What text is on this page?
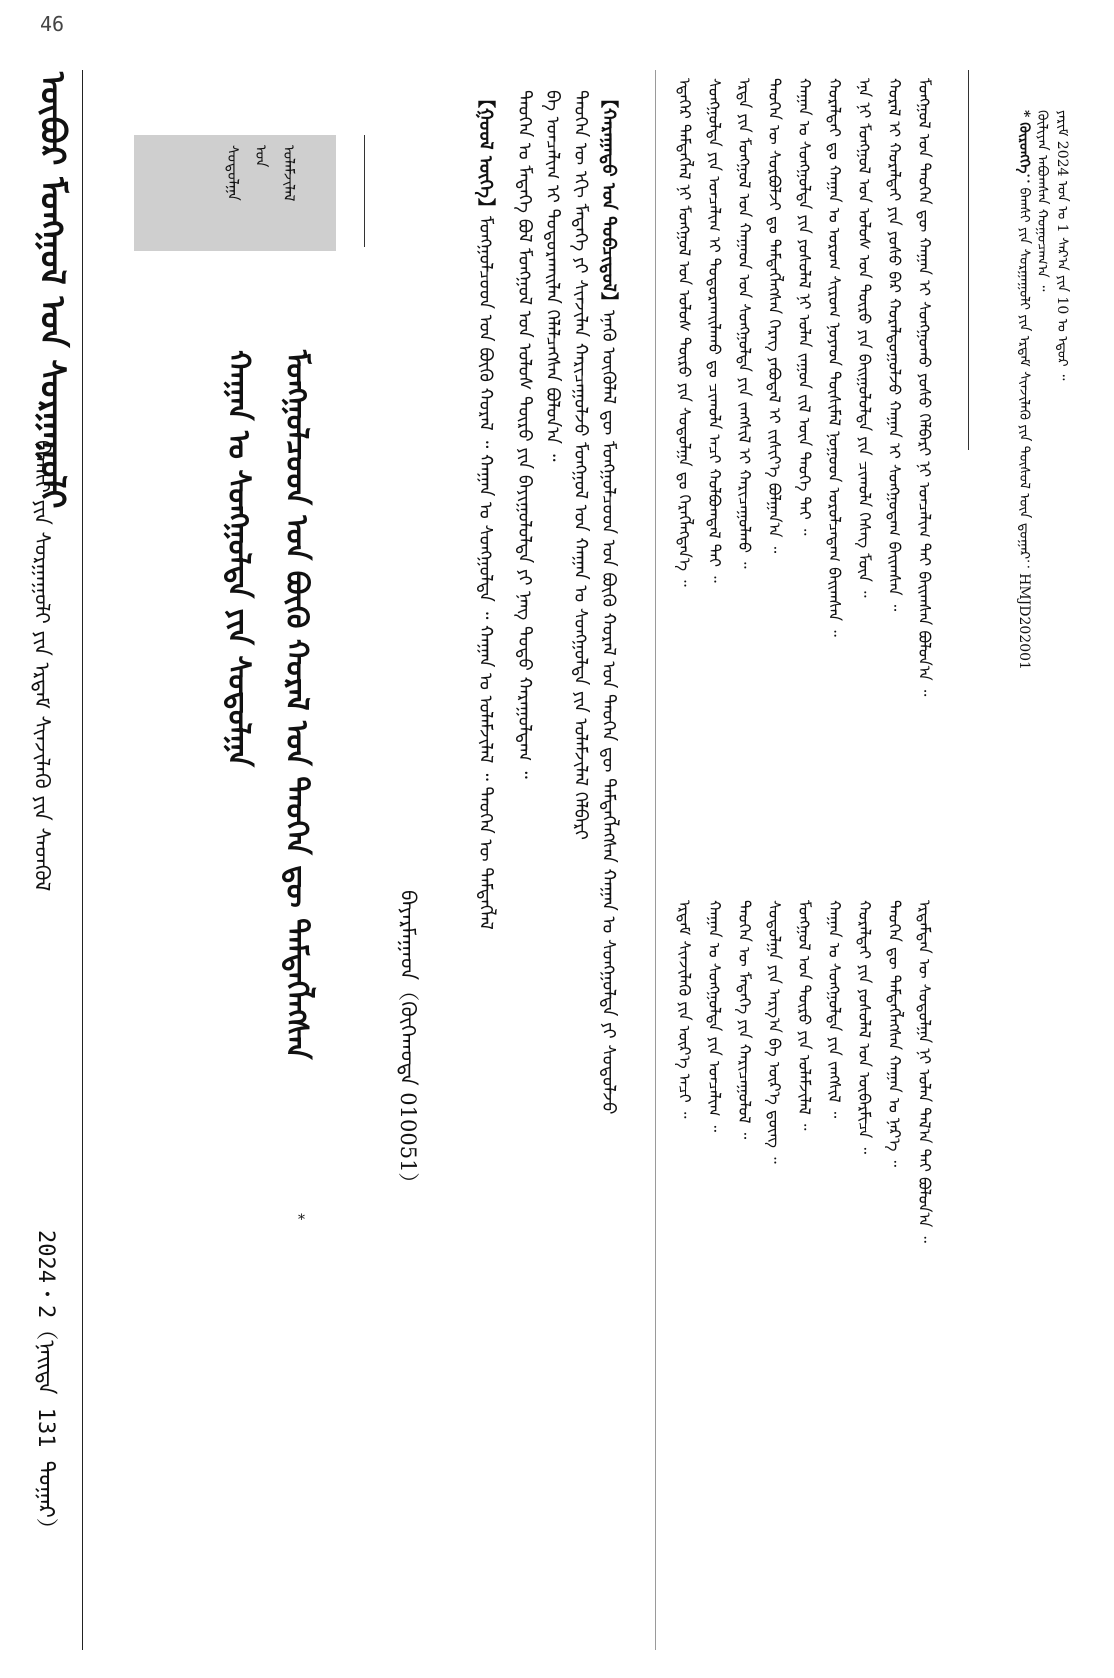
46
ᠦᠪᠦᠷ ᠮᠣᠩᠭᠣᠯ ᠤᠨ ᠰᠤᠷᠭᠠᠭᠤᠯᠢ
ᠪᠠᠭᠰᠢ ᠶᠢᠨ ᠰᠤᠷᠭᠠᠭᠤᠯᠢ ᠶᠢᠨ ᠡᠷᠳᠡᠮ ᠰᠢᠨᠵᠢᠯᠡᠬᠦ ᠶᠢᠨ ᠰᠡᠳᠬᠦᠯ
2024・2（ᠨᠡᠢᠲᠡ 131 ᠳᠤᠭᠠᠷ）
ᠤᠯᠠᠮᠵᠢᠯᠠᠯ
ᠤᠨ
ᠰᠤᠳᠤᠯᠭᠠ
ᠮᠣᠩᠭᠣᠯᠴᠤᠳ ᠤᠨ ᠪᠦᠬᠦ ᠬᠤᠷᠠᠯ ᠤᠨ ᠲᠡᠦᠬᠡᠨ ᠳᠦ ᠲᠡᠮᠳᠡᠭᠯᠡᠭᠰᠡᠨ
ᠬᠠᠭᠠᠨ ᠤ ᠰᠤᠩᠭᠤᠯᠲᠠ ᠶᠢᠨ ᠰᠤᠳᠤᠯᠭᠠ
*
ᠪᠠᠶᠠᠷᠮᠠᠭᠠᠳ（ᠬᠥᠬᠡᠬᠣᠲᠠ 010051）
【ᠬᠠᠷᠠᠭᠠᠳᠤ ᠤᠨ ᠳᠣᠪᠴᠢᠳᠣᠯ】ᠡᠨᠡᠬᠦ ᠥᠭᠦᠯᠡᠯ ᠳᠦ ᠮᠣᠩᠭᠣᠯᠴᠤᠳ ᠤᠨ ᠪᠦᠬᠦ ᠬᠤᠷᠠᠯ ᠤᠨ ᠲᠡᠦᠬᠡᠨ ᠳᠦ ᠲᠡᠮᠳᠡᠭᠯᠡᠭᠰᠡᠨ ᠬᠠᠭᠠᠨ ᠤ ᠰᠤᠩᠭᠤᠯᠲᠠ ᠶᠢ ᠰᠤᠳᠤᠯᠵᠤ
ᠲᠡᠦᠬᠡᠨ ᠦ ᠡᠬᠢ ᠮᠡᠳᠡᠭᠡ ᠶᠢ ᠰᠢᠨᠵᠢᠯᠡᠨ ᠬᠠᠷᠢᠴᠠᠭᠤᠯᠵᠤ ᠮᠣᠩᠭᠣᠯ ᠤᠨ ᠬᠠᠭᠠᠨ ᠤ ᠰᠤᠩᠭᠤᠯᠲᠠ ᠶᠢᠨ ᠤᠯᠠᠮᠵᠢᠯᠠᠯ ᠬᠡᠯᠪᠡᠷᠢ
ᠪᠠ ᠣᠨᠴᠠᠯᠢᠭ ᠢ ᠲᠣᠳᠣᠷᠬᠠᠢᠯᠠᠨ ᠬᠡᠯᠡᠯᠴᠡᠭᠰᠡᠨ ᠪᠣᠯᠤᠨ᠎ᠠ ᠃
ᠲᠡᠦᠬᠡᠨ ᠤ ᠮᠡᠳᠡᠭᠡ ᠪᠣᠯ ᠮᠣᠩᠭᠣᠯ ᠤᠨ ᠤᠯᠤᠰ ᠲᠥᠷᠦ ᠶᠢᠨ ᠪᠠᠶᠢᠭᠤᠯᠤᠯᠲᠠ ᠶᠢ ᠨᠡᠩ ᠲᠣᠳᠣ ᠬᠠᠷᠠᠭᠤᠯᠳᠠᠭ ᠃
【ᠭᠣᠣᠯ ᠦᠭᠡ】ᠮᠣᠩᠭᠣᠯᠴᠤᠳ ᠤᠨ ᠪᠦᠬᠦ ᠬᠤᠷᠠᠯ ᠃ ᠬᠠᠭᠠᠨ ᠤ ᠰᠤᠩᠭᠤᠯᠲᠠ ᠃ ᠬᠠᠭᠠᠨ ᠤ ᠤᠯᠠᠮᠵᠢᠯᠠᠯ ᠃ ᠲᠡᠦᠬᠡᠨ ᠦ ᠲᠡᠮᠳᠡᠭᠯᠡᠯ	ᠮᠣᠩᠭᠣᠯ ᠤᠨ ᠲᠡᠦᠬᠡᠨ ᠳᠦ ᠬᠠᠭᠠᠨ ᠢ ᠰᠤᠩᠭᠤᠬᠤ ᠶᠣᠰᠣ ᠬᠡᠯᠪᠡᠷᠢ ᠨᠢ ᠣᠨᠴᠠᠯᠢᠭ ᠲᠠᠢ ᠪᠠᠢᠭᠰᠠᠨ ᠪᠣᠯᠤᠨ᠎ᠠ ᠃
ᠬᠤᠷᠠᠯ ᠢ ᠬᠤᠷᠠᠯᠳᠠᠢ ᠶᠢᠨ ᠶᠣᠰᠣ ᠪᠠᠷ ᠬᠤᠷᠠᠯᠳᠤᠭᠤᠯᠵᠤ ᠬᠠᠭᠠᠨ ᠢ ᠰᠤᠩᠭᠤᠳᠠᠭ ᠪᠠᠢᠭᠰᠠᠨ ᠃
ᠡᠨᠡ ᠨᠢ ᠮᠣᠩᠭᠣᠯ ᠤᠨ ᠤᠯᠤᠰ ᠤᠨ ᠲᠥᠷᠦ ᠶᠢᠨ ᠪᠠᠢᠭᠤᠯᠤᠯᠲᠠ ᠶᠢᠨ ᠴᠢᠬᠤᠯᠠ ᠬᠡᠰᠡᠭ ᠮᠥᠨ ᠃
ᠬᠤᠷᠠᠯᠳᠠᠢ ᠳᠤ ᠬᠠᠭᠠᠨ ᠤ ᠤᠷᠤᠭ ᠰᠢᠷᠤᠭ ᠨᠣᠶᠠᠳ ᠲᠦᠰᠢᠮᠡᠯ ᠨᠤᠭᠤᠳ ᠣᠷᠣᠯᠴᠠᠳᠠᠭ ᠪᠠᠢᠭᠰᠠᠨ ᠃
ᠬᠠᠭᠠᠨ ᠤ ᠰᠤᠩᠭᠤᠯᠲᠠ ᠶᠢᠨ ᠶᠣᠰᠣᠯᠠᠯ ᠨᠢ ᠣᠯᠠᠨ ᠵᠠᠭᠤᠨ ᠵᠢᠯ ᠦᠨ ᠲᠡᠦᠬᠡ ᠲᠠᠢ ᠃
ᠲᠡᠦᠬᠡᠨ ᠦ ᠰᠤᠷᠪᠤᠯᠵᠢ ᠳᠤ ᠲᠡᠮᠳᠡᠭᠯᠡᠭᠰᠡᠨ ᠬᠡᠷᠡᠭ ᠶᠠᠪᠤᠳᠠᠯ ᠢ ᠵᠢᠱᠢᠶ᠎ᠡ ᠪᠣᠯᠭᠠᠨ᠎ᠠ ᠃
ᠡᠷᠲᠡ ᠶᠢᠨ ᠮᠣᠩᠭᠣᠯ ᠤᠨ ᠬᠠᠭᠠᠳ ᠤᠨ ᠰᠤᠩᠭᠤᠯᠲᠠ ᠶᠢᠨ ᠵᠠᠩᠱᠢᠯ ᠢ ᠬᠠᠷᠢᠴᠠᠭᠤᠯᠬᠤ ᠃
ᠰᠤᠩᠭᠤᠯᠲᠠ ᠶᠢᠨ ᠣᠨᠴᠠᠯᠢᠭ ᠢ ᠲᠣᠳᠣᠷᠬᠠᠢᠯᠠᠬᠤ ᠳᠤ ᠴᠢᠬᠤᠯᠠ ᠠᠴᠢ ᠬᠣᠯᠪᠣᠭᠳᠠᠯ ᠲᠠᠢ ᠃
ᠡᠳᠡᠭᠡᠷ ᠲᠡᠮᠳᠡᠭᠯᠡᠯ ᠨᠢ ᠮᠣᠩᠭᠣᠯ ᠤᠨ ᠤᠯᠤᠰ ᠲᠥᠷᠦ ᠶᠢᠨ ᠰᠤᠳᠤᠯᠭᠠ ᠳᠤ ᠬᠡᠷᠡᠭᠯᠡᠭᠳᠡᠨ᠎ᠡ ᠃
ᠡᠷᠳᠡᠮᠲᠡᠨ ᠦ ᠰᠤᠳᠤᠯᠭᠠ ᠨᠢ ᠣᠯᠠᠨ ᠲᠠᠯ᠎ᠠ ᠲᠠᠢ ᠪᠣᠯᠤᠨ᠎ᠠ ᠃
ᠲᠡᠦᠬᠡᠨ ᠳᠦ ᠲᠡᠮᠳᠡᠭᠯᠡᠭᠰᠡᠨ ᠬᠠᠭᠠᠨ ᠤ ᠨᠡᠷ᠎ᠡ ᠃
ᠬᠤᠷᠠᠯᠳᠠᠢ ᠶᠢᠨ ᠶᠣᠰᠣᠯᠠᠯ ᠤᠨ ᠥᠪᠡᠷᠮᠢᠴᠡ ᠃
ᠬᠠᠭᠠᠨ ᠤ ᠰᠤᠩᠭᠤᠯᠲᠠ ᠶᠢᠨ ᠵᠠᠩᠱᠢᠯ ᠃
ᠮᠣᠩᠭᠣᠯ ᠤᠨ ᠲᠥᠷᠦ ᠶᠢᠨ ᠤᠯᠠᠮᠵᠢᠯᠠᠯ ᠃
ᠰᠤᠳᠤᠯᠭᠠ ᠶᠢᠨ ᠠᠷᠭ᠎ᠠ ᠪᠠ ᠦᠷ᠎ᠡ ᠳ᠋ᠦᠩ ᠃
ᠲᠡᠦᠬᠡᠨ ᠦ ᠮᠡᠳᠡᠭᠡ ᠶᠢᠨ ᠬᠠᠷᠢᠴᠠᠭᠤᠯᠤᠯ ᠃
ᠬᠠᠭᠠᠨ ᠤ ᠰᠤᠩᠭᠤᠯᠲᠠ ᠶᠢᠨ ᠣᠨᠴᠠᠯᠢᠭ ᠃
ᠡᠷᠳᠡᠮ ᠰᠢᠨᠵᠢᠯᠡᠬᠦ ᠶᠢᠨ ᠦᠷ᠎ᠡ ᠠᠴᠢ ᠃
* ᠬᠥᠷᠥᠩᠭᠡ：ᠪᠠᠭᠰᠢ ᠶᠢᠨ ᠰᠤᠷᠭᠠᠭᠤᠯᠢ ᠶᠢᠨ ᠡᠷᠳᠡᠮ ᠰᠢᠨᠵᠢᠯᠡᠬᠦ ᠶᠢᠨ ᠲᠥᠰᠥᠯ ᠦᠨ ᠳ᠋ᠤᠭᠠᠷ：HMJD202001 ᠬᠦᠯᠢᠶᠡᠨ ᠠᠪᠤᠭᠰᠠᠨ ᠬᠤᠭᠤᠴᠠᠭ᠎ᠠ ᠃ ᠶᠠᠷᠢᠮ 2024 ᠣᠨ ᠤ 1 ᠰᠠᠷ᠎ᠠ ᠶᠢᠨ 10 ᠤ ᠡᠳᠦᠷ ᠃
